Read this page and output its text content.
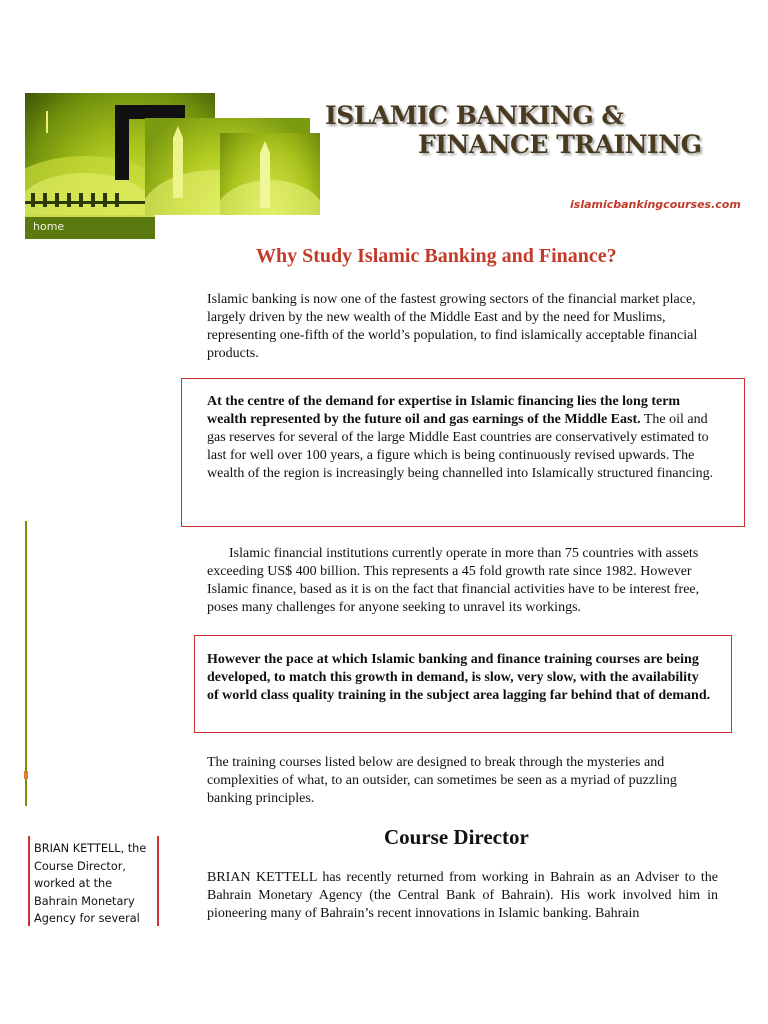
home
ISLAMIC BANKING &
FINANCE TRAINING
islamicbankingcourses.com
Why Study Islamic Banking and Finance?
Islamic banking is now one of the fastest growing sectors of the financial market place, largely driven by the new wealth of the Middle East and by the need for Muslims, representing one-fifth of the world’s population, to find islamically acceptable financial products.
At the centre of the demand for expertise in Islamic financing lies the long term wealth represented by the future oil and gas earnings of the Middle East. The oil and gas reserves for several of the large Middle East countries are conservatively estimated to last for well over 100 years, a figure which is being continuously revised upwards. The wealth of the region is increasingly being channelled into Islamically structured financing.
Islamic financial institutions currently operate in more than 75 countries with assets exceeding US$ 400 billion. This represents a 45 fold growth rate since 1982. However Islamic finance, based as it is on the fact that financial activities have to be interest free, poses many challenges for anyone seeking to unravel its workings.
However the pace at which Islamic banking and finance training courses are being developed, to match this growth in demand, is slow, very slow, with the availability of world class quality training in the subject area lagging far behind that of demand.
The training courses listed below are designed to break through the mysteries and complexities of what, to an outsider, can sometimes be seen as a myriad of puzzling banking principles.
Course Director
BRIAN KETTELL has recently returned from working in Bahrain as an Adviser to the Bahrain Monetary Agency (the Central Bank of Bahrain). His work involved him in pioneering many of Bahrain’s recent innovations in Islamic banking. Bahrain
BRIAN KETTELL, the Course Director, worked at the Bahrain Monetary Agency for several
